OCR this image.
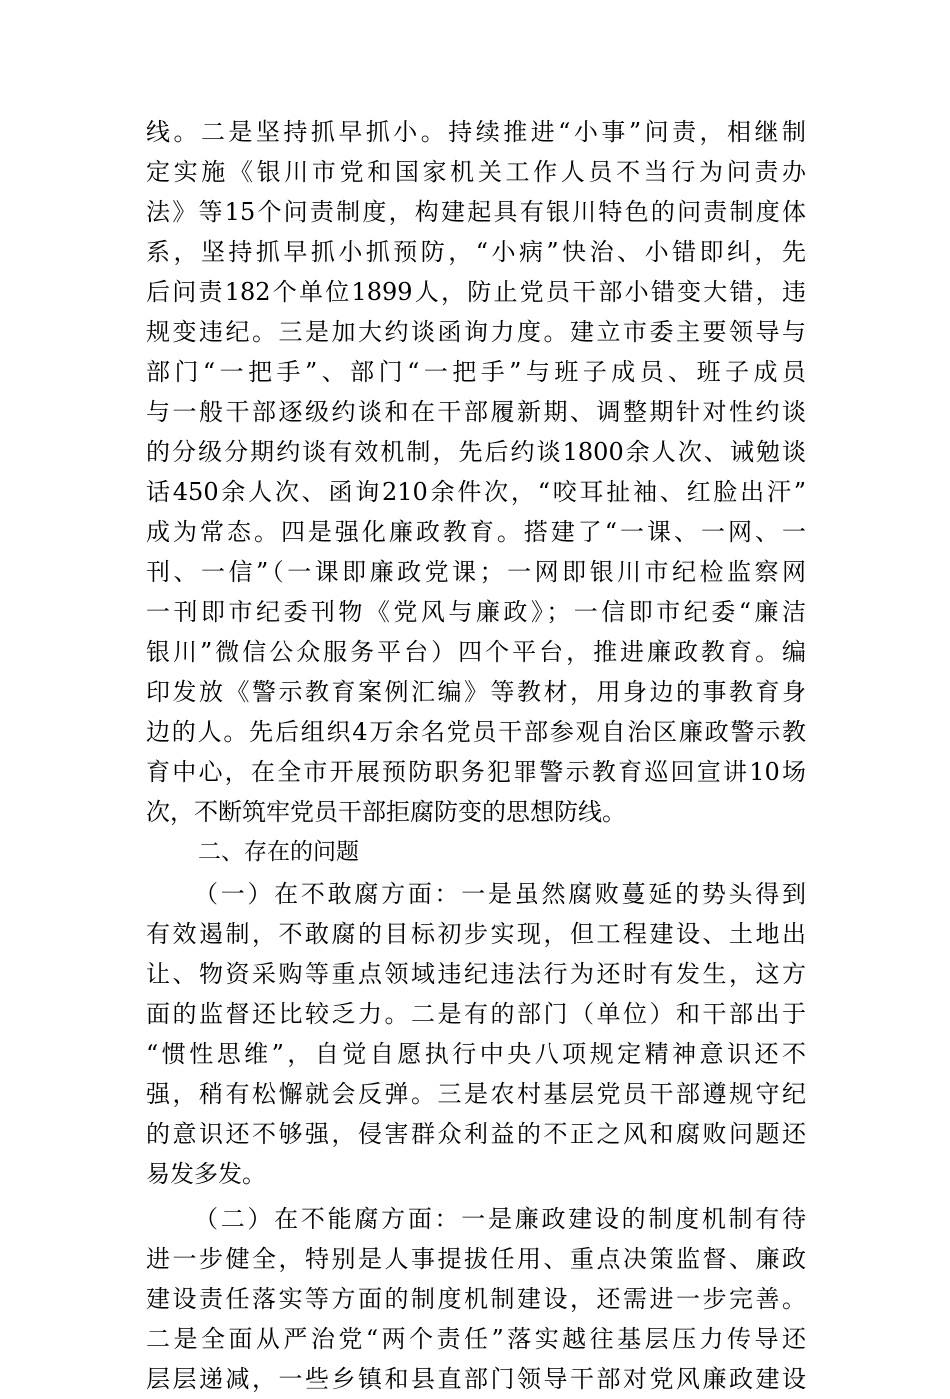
线。二是坚持抓早抓小。持续推进“小事”问责，相继制
定实施《银川市党和国家机关工作人员不当行为问责办
法》等15个问责制度，构建起具有银川特色的问责制度体
系，坚持抓早抓小抓预防，“小病”快治、小错即纠，先
后问责182个单位1899人，防止党员干部小错变大错，违
规变违纪。三是加大约谈函询力度。建立市委主要领导与
部门“一把手”、部门“一把手”与班子成员、班子成员
与一般干部逐级约谈和在干部履新期、调整期针对性约谈
的分级分期约谈有效机制，先后约谈1800余人次、诫勉谈
话450余人次、函询210余件次，“咬耳扯袖、红脸出汗”
成为常态。四是强化廉政教育。搭建了“一课、一网、一
刊、一信”（一课即廉政党课；一网即银川市纪检监察网
一刊即市纪委刊物《党风与廉政》；一信即市纪委“廉洁
银川”微信公众服务平台）四个平台，推进廉政教育。编
印发放《警示教育案例汇编》等教材，用身边的事教育身
边的人。先后组织4万余名党员干部参观自治区廉政警示教
育中心，在全市开展预防职务犯罪警示教育巡回宣讲10场
次，不断筑牢党员干部拒腐防变的思想防线。
二、存在的问题
（一）在不敢腐方面：一是虽然腐败蔓延的势头得到
有效遏制，不敢腐的目标初步实现，但工程建设、土地出
让、物资采购等重点领域违纪违法行为还时有发生，这方
面的监督还比较乏力。二是有的部门（单位）和干部出于
“惯性思维”，自觉自愿执行中央八项规定精神意识还不
强，稍有松懈就会反弹。三是农村基层党员干部遵规守纪
的意识还不够强，侵害群众利益的不正之风和腐败问题还
易发多发。
（二）在不能腐方面：一是廉政建设的制度机制有待
进一步健全，特别是人事提拔任用、重点决策监督、廉政
建设责任落实等方面的制度机制建设，还需进一步完善。
二是全面从严治党“两个责任”落实越往基层压力传导还
层层递减，一些乡镇和县直部门领导干部对党风廉政建设
